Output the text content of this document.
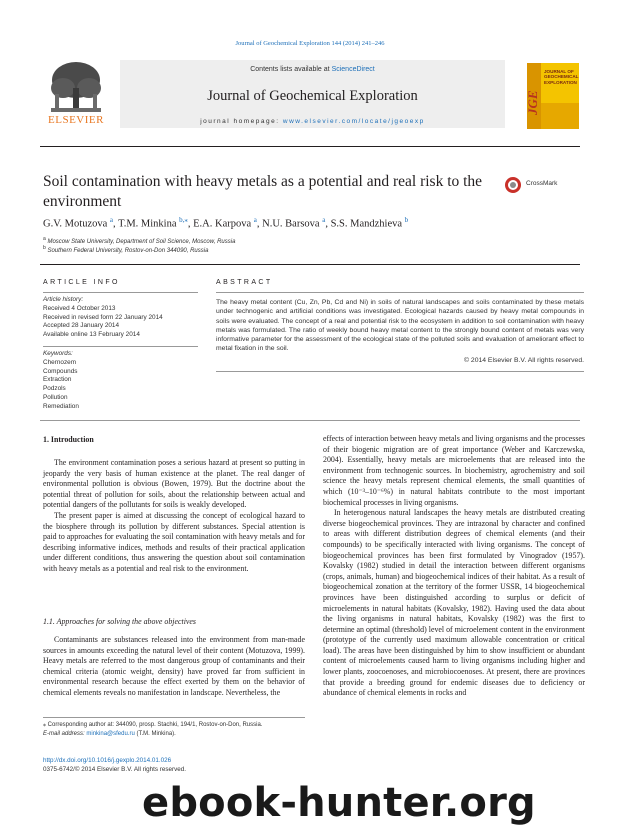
Journal of Geochemical Exploration 144 (2014) 241–246
ELSEVIER
Contents lists available at ScienceDirect
Journal of Geochemical Exploration
journal homepage: www.elsevier.com/locate/jgeoexp
JGE
JOURNAL OF GEOCHEMICAL EXPLORATION
Soil contamination with heavy metals as a potential and real risk to the environment
CrossMark
G.V. Motuzova $^a$, T.M. Minkina $^{b,⁎}$, E.A. Karpova $^a$, N.U. Barsova $^a$, S.S. Mandzhieva $^b$
$^a$ Moscow State University, Department of Soil Science, Moscow, Russia
$^b$ Southern Federal University, Rostov-on-Don 344090, Russia
ARTICLE INFO
Article history:
Received 4 October 2013
Received in revised form 22 January 2014
Accepted 28 January 2014
Available online 13 February 2014
Keywords:
Chernozem
Compounds
Extraction
Podzols
Pollution
Remediation
ABSTRACT
The heavy metal content (Cu, Zn, Pb, Cd and Ni) in soils of natural landscapes and soils contaminated by these metals under technogenic and artificial conditions was investigated. Ecological hazards caused by heavy metal compounds in soils were evaluated. The concept of a real and potential risk to the ecosystem in addition to soil contamination with heavy metals was formulated. The ratio of weekly bound heavy metal content to the strongly bound content of metals was very informative parameter for the assessment of the ecological state of the polluted soils and evaluation of ameliorant effect to metal fixation in the soil.
© 2014 Elsevier B.V. All rights reserved.
1. Introduction

The environment contamination poses a serious hazard at present so putting in jeopardy the very basis of human existence at the planet. The real danger of environmental pollution is obvious (Bowen, 1979). But the doctrine about the potential threat of pollution for soils, about the relationship between actual and potential dangers of the pollutants for soils is weakly developed.

The present paper is aimed at discussing the concept of ecological hazard to the biosphere through its pollution by different substances. Special attention is paid to approaches for evaluating the soil contamination with heavy metals and for describing informative indices, methods and results of their practical application under different conditions, thus answering the question about soil contamination with heavy metals as a potential and real risk to the environment.

1.1. Approaches for solving the above objectives

Contaminants are substances released into the environment from man-made sources in amounts exceeding the natural level of their content (Motuzova, 1999). Heavy metals are referred to the most dangerous group of contaminants and their chemical criteria (atomic weight, density) have proved far from sufficient in environmental research because the effect exerted by them on the behavior of chemical elements reveals no manifestation in landscape. Nevertheless, the

effects of interaction between heavy metals and living organisms and the processes of their biogenic migration are of great importance (Weber and Karczewska, 2004). Essentially, heavy metals are microelements that are released into the environment from technogenic sources. In biochemistry, agrochemistry and soil science the heavy metals represent chemical elements, the small quantities of which (10⁻³–10⁻⁶%) in natural habitats contribute to the most important biochemical processes in living organisms.

In heterogenous natural landscapes the heavy metals are distributed creating diverse biogeochemical provinces. They are intrazonal by character and confined to areas with different distribution degrees of chemical elements (and their compounds) to be specifically interacted with living organisms. The concept of biogeochemical provinces has been first formulated by Vinogradov (1957). Kovalsky (1982) studied in detail the interaction between different organisms (crops, animals, human) and biogeochemical indices of their habitat. As a result of biogeochemical zonation at the territory of the former USSR, 14 biogeochemical provinces have been distinguished according to surplus or deficit of microelements in natural habitats (Kovalsky, 1982). Having used the data about the living organisms in natural habitats, Kovalsky (1982) was the first to determine an optimal (threshold) level of microelement content in the environment (prototype of the currently used maximum allowable concentration or critical load). The areas have been distinguished by him to show insufficient or abundant content of microelements caused harm to living organisms including higher and lower plants, zoocoenoses, and microbiocoenoses. At present, there are provinces that provide a breeding ground for endemic diseases due to deficiency or abundance of chemical elements in rocks and

⁎ Corresponding author at: 344090, prosp. Stachki, 194/1, Rostov-on-Don, Russia.
E-mail address: minkina@sfedu.ru (T.M. Minkina).
http://dx.doi.org/10.1016/j.gexplo.2014.01.026
0375-6742/© 2014 Elsevier B.V. All rights reserved.
ebook-hunter.org
